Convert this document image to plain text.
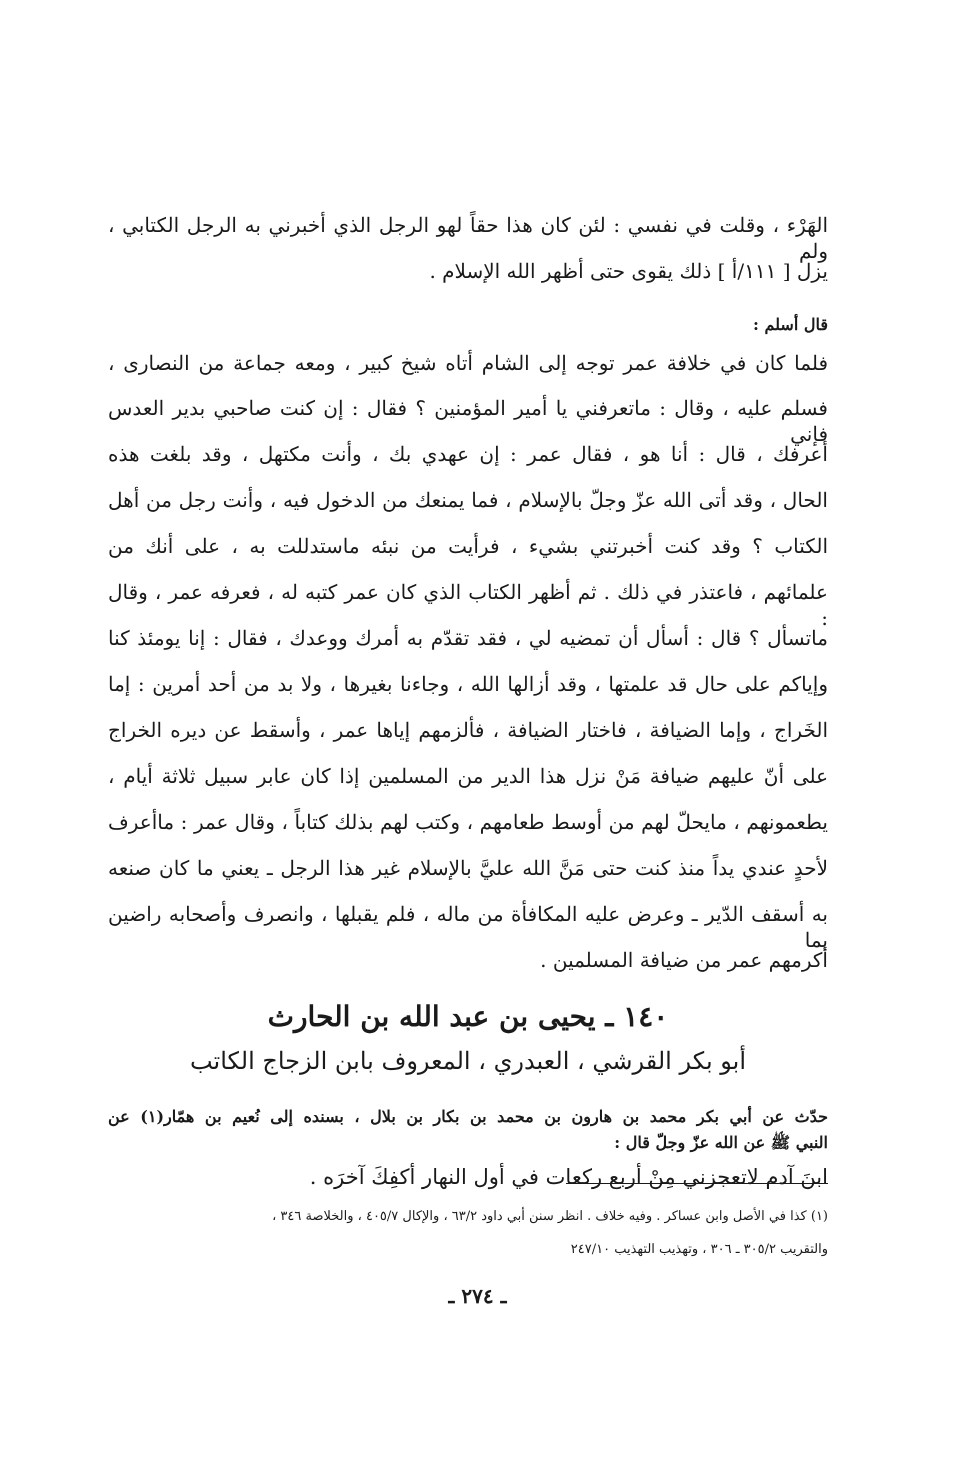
الهَرْء ، وقلت في نفسي : لئن كان هذا حقاً لهو الرجل الذي أخبرني به الرجل الكتابي ، ولم
يزل [ ١١١/أ ] ذلك يقوى حتى أظهر الله الإسلام .
قال أسلم :
فلما كان في خلافة عمر توجه إلى الشام أتاه شيخ كبير ، ومعه جماعة من النصارى ،
فسلم عليه ، وقال : ماتعرفني يا أمير المؤمنين ؟ فقال : إن كنت صاحبي بدير العدس فإني
أعرفك ، قال : أنا هو ، فقال عمر : إن عهدي بك ، وأنت مكتهل ، وقد بلغت هذه
الحال ، وقد أتى الله عزّ وجلّ بالإسلام ، فما يمنعك من الدخول فيه ، وأنت رجل من أهل
الكتاب ؟ وقد كنت أخبرتني بشيء ، فرأيت من نبئه ماستدللت به ، على أنك من
علمائهم ، فاعتذر في ذلك . ثم أظهر الكتاب الذي كان عمر كتبه له ، فعرفه عمر ، وقال :
ماتسأل ؟ قال : أسأل أن تمضيه لي ، فقد تقدّم به أمرك ووعدك ، فقال : إنا يومئذ كنا
وإياكم على حال قد علمتها ، وقد أزالها الله ، وجاءنا بغيرها ، ولا بد من أحد أمرين : إما
الخَراج ، وإما الضيافة ، فاختار الضيافة ، فألزمهم إياها عمر ، وأسقط عن ديره الخراج
على أنّ عليهم ضيافة مَنْ نزل هذا الدير من المسلمين إذا كان عابر سبيل ثلاثة أيام ،
يطعمونهم ، مايحلّ لهم من أوسط طعامهم ، وكتب لهم بذلك كتاباً ، وقال عمر : ماأعرف
لأحدٍ عندي يداً منذ كنت حتى مَنَّ الله عليَّ بالإسلام غير هذا الرجل ـ يعني ما كان صنعه
به أسقف الدّير ـ وعرض عليه المكافأة من ماله ، فلم يقبلها ، وانصرف وأصحابه راضين بما
أكرمهم عمر من ضيافة المسلمين .
١٤٠ ـ يحيى بن عبد الله بن الحارث
أبو بكر القرشي ، العبدري ، المعروف بابن الزجاج الكاتب
حدّث عن أبي بكر محمد بن هارون بن محمد بن بكار بن بلال ، بسنده إلى نُعيم بن همّار(١) عن
النبي ﷺ عن الله عزّ وجلّ قال :
ابنَ آدم لاتعجزني مِنْ أربع ركعات في أول النهار أكفِكَ آخرَه .
(١) كذا في الأصل وابن عساكر . وفيه خلاف . انظر سنن أبي داود ٦٣/٢ ، والإكال ٤٠٥/٧ ، والخلاصة ٣٤٦ ،
والتقريب ٣٠٥/٢ ـ ٣٠٦ ، وتهذيب التهذيب ٢٤٧/١٠
ـ ٢٧٤ ـ
